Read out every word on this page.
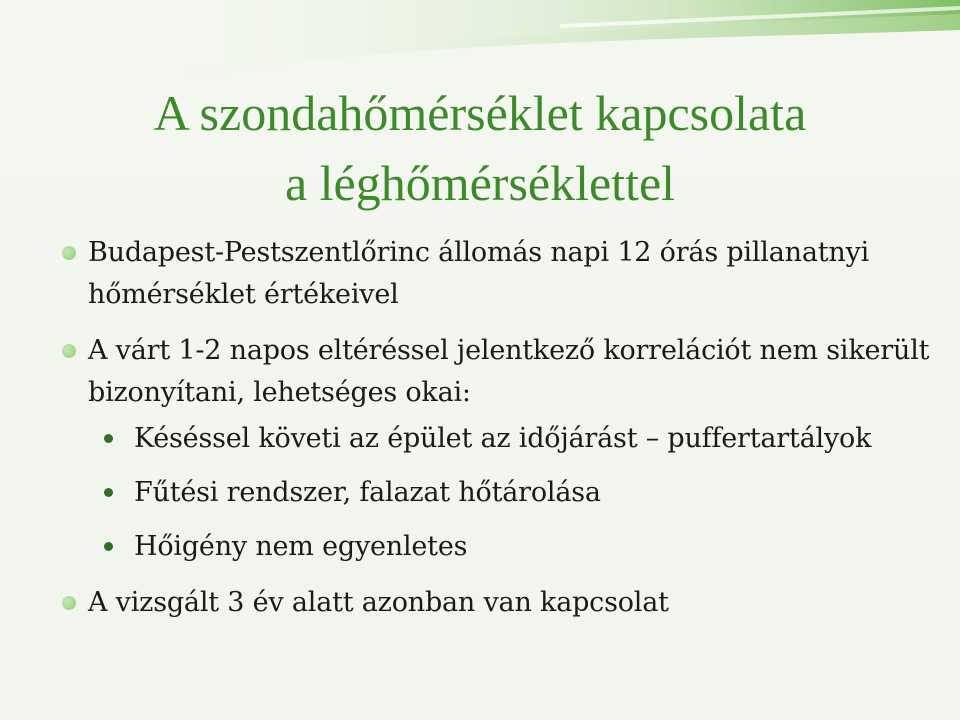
A szondahőmérséklet kapcsolata
a léghőmérséklettel
Budapest-Pestszentlőrinc állomás napi 12 órás pillanatnyi hőmérséklet értékeivel
A várt 1-2 napos eltéréssel jelentkező korrelációt nem sikerült bizonyítani, lehetséges okai:
Késéssel követi az épület az időjárást – puffertartályok
Fűtési rendszer, falazat hőtárolása
Hőigény nem egyenletes
A vizsgált 3 év alatt azonban van kapcsolat
